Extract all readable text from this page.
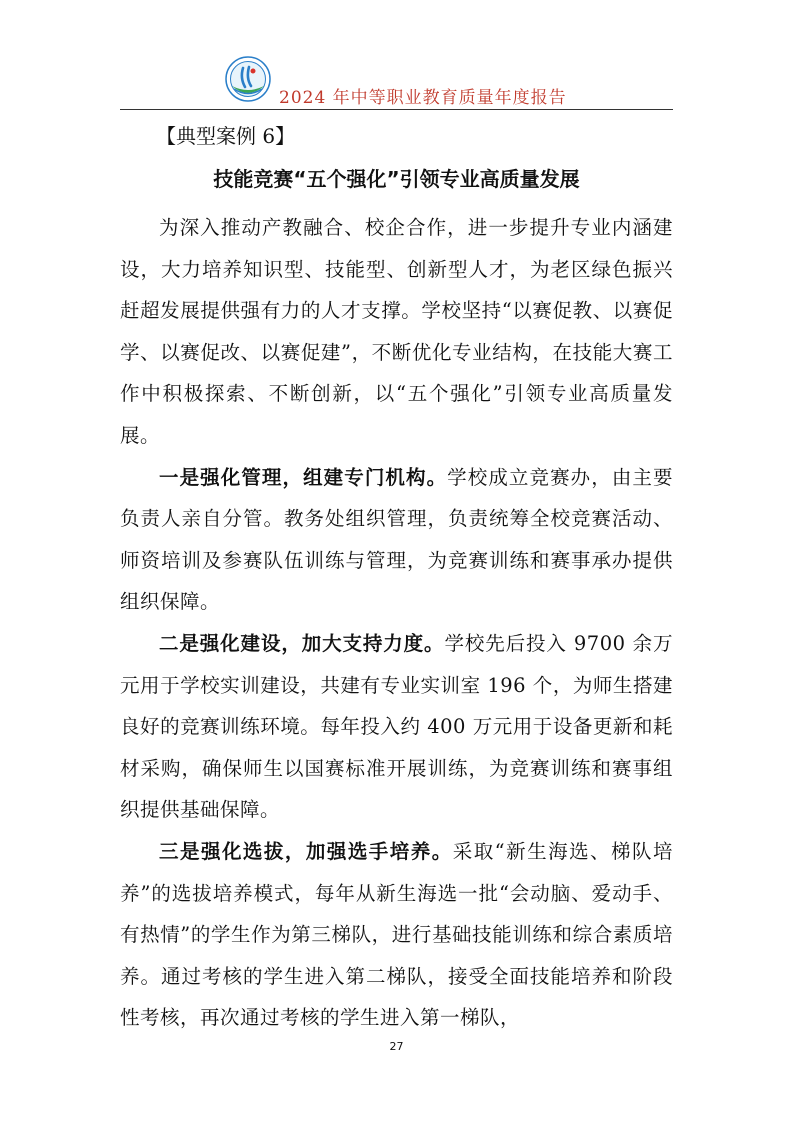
2024 年中等职业教育质量年度报告
【典型案例 6】
技能竞赛“五个强化”引领专业高质量发展

为深入推动产教融合、校企合作，进一步提升专业内涵建设，大力培养知识型、技能型、创新型人才，为老区绿色振兴赶超发展提供强有力的人才支撑。学校坚持“以赛促教、以赛促学、以赛促改、以赛促建”，不断优化专业结构，在技能大赛工作中积极探索、不断创新，以“五个强化”引领专业高质量发展。

一是强化管理，组建专门机构。学校成立竞赛办，由主要负责人亲自分管。教务处组织管理，负责统筹全校竞赛活动、师资培训及参赛队伍训练与管理，为竞赛训练和赛事承办提供组织保障。

二是强化建设，加大支持力度。学校先后投入 9700 余万元用于学校实训建设，共建有专业实训室 196 个，为师生搭建良好的竞赛训练环境。每年投入约 400 万元用于设备更新和耗材采购，确保师生以国赛标准开展训练，为竞赛训练和赛事组织提供基础保障。

三是强化选拔，加强选手培养。采取“新生海选、梯队培养”的选拔培养模式，每年从新生海选一批“会动脑、爱动手、有热情”的学生作为第三梯队，进行基础技能训练和综合素质培养。通过考核的学生进入第二梯队，接受全面技能培养和阶段性考核，再次通过考核的学生进入第一梯队，

27
